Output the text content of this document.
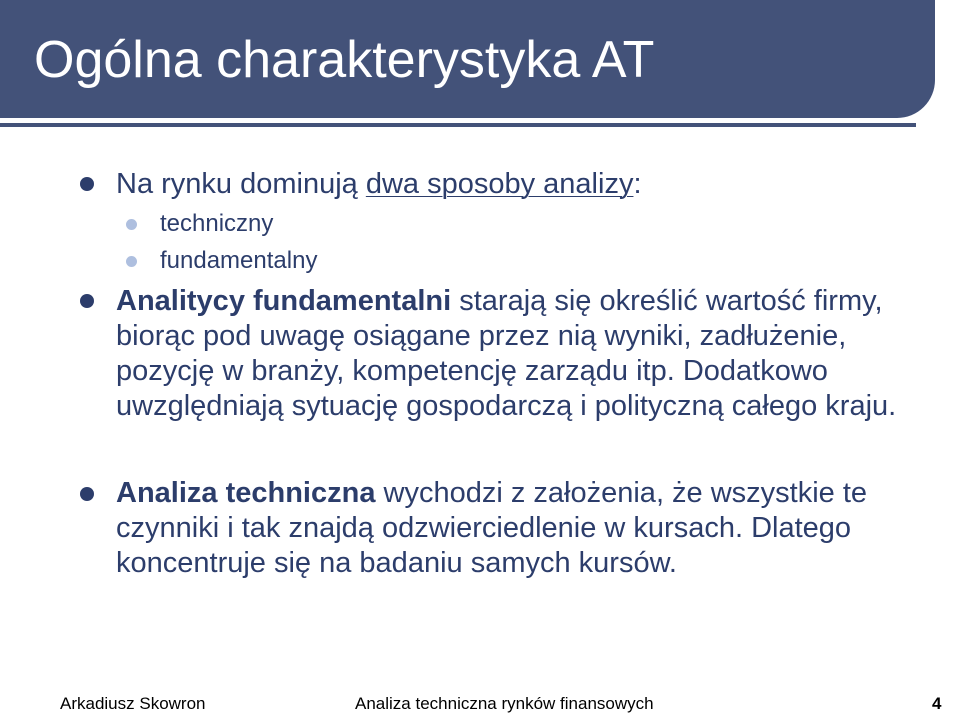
Ogólna charakterystyka AT
Na rynku dominują dwa sposoby analizy:
techniczny
fundamentalny
Analitycy fundamentalni starają się określić wartość firmy, biorąc pod uwagę osiągane przez nią wyniki, zadłużenie, pozycję w branży, kompetencję zarządu itp. Dodatkowo uwzględniają sytuację gospodarczą i polityczną całego kraju.
Analiza techniczna wychodzi z założenia, że wszystkie te czynniki i tak znajdą odzwierciedlenie w kursach. Dlatego koncentruje się na badaniu samych kursów.
Arkadiusz Skowron	Analiza techniczna rynków finansowych	4
